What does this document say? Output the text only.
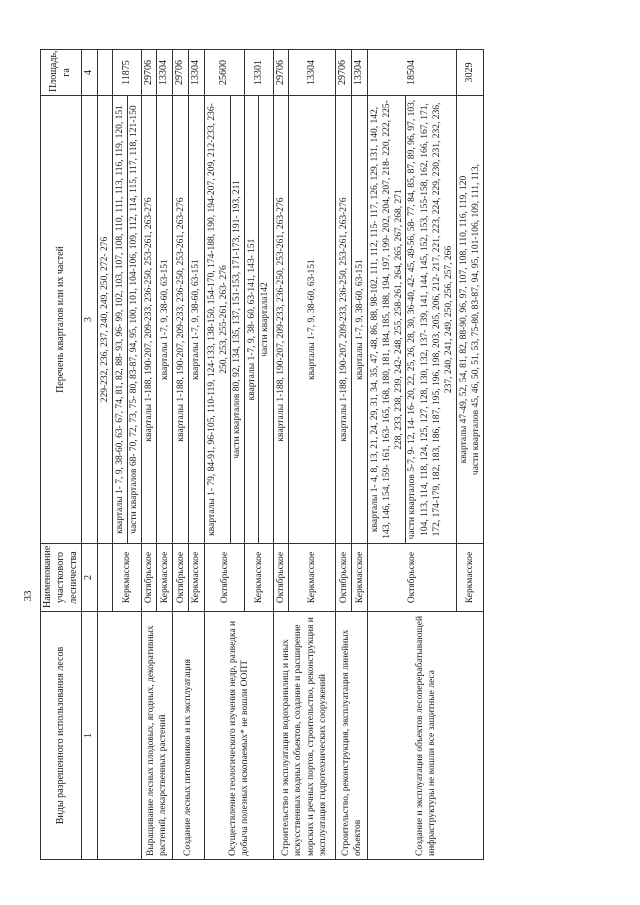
Виды разрешенного использования лесов	Наименование участкового лесничества	Перечень кварталов или их частей	Площадь, га
1	2	3	4
		229-232, 236, 237, 240, 249, 250, 272- 276	
	Кеpкмасское	кварталы 1- 7, 9, 38-60, 63- 67, 74, 81, 82, 88- 93, 96- 99, 102, 103, 107, 108, 110, 111, 113, 116, 119, 120, 151 части кварталов 68- 70, 72, 73, 75- 80, 83-87, 94, 95, 100, 101, 104-106, 109, 112, 114, 115, 117, 118, 121-150	11875
Выращивание лесных плодовых, ягодных, декоративных растений, лекарственных растений	Октябрьское	кварталы 1-188, 190-207, 209-233, 236-250, 253-261, 263-276	29706
	Кеpкмасское	кварталы 1-7, 9, 38-60, 63-151	13304
Создание лесных питомников и их эксплуатация	Октябрьское	кварталы 1-188, 190-207, 209-233, 236-250, 253-261, 263-276	29706
	Кеpкмасское	кварталы 1-7, 9, 38-60, 63-151	13304
Осуществление геологического изучения недр, разведка и добыча полезных ископаемых* не вошли ООПТ	Октябрьское	кварталы 1- 79, 84-91, 96-105, 110-119, 124-133, 138-150, 154-170, 174-188, 190, 194-207, 209, 212-233, 236-250, 253, 255-261, 263- 276 части кварталов 80, 92, 134, 135, 137, 151-153, 171-173, 191- 193, 211	25600
	Кеpкмасское	кварталы 1-7, 9, 38- 60, 63-141, 143- 151 части квартала142	13301
Строительство и эксплуатация водохранилищ и иных искусственных водных объектов, создание и расширение морских и речных портов, строительство, реконструкция и эксплуатация гидротехнических сооружений	Октябрьское	кварталы 1-188, 190-207, 209-233, 236-250, 253-261, 263-276	29706
	Кеpкмасское	кварталы 1-7, 9, 38-60, 63-151	13304
Строительство, реконструкция, эксплуатация линейных объектов	Октябрьское	кварталы 1-188, 190-207, 209-233, 236-250, 253-261, 263-276	29706
	Кеpкмасское	кварталы 1-7, 9, 38-60, 63-151	13304
Создание и эксплуатация объектов лесоперерабатывающей инфраструктуры не вошли все защитные леса	Октябрьское	кварталы 1- 4, 8, 13, 21, 24, 29, 31, 34, 35, 47, 48, 86, 88, 98-102, 111, 112, 115- 117, 126, 129, 131, 140, 142, 143, 146, 154, 159- 161, 163- 165, 168, 180, 181, 184, 185, 188, 194, 197, 199- 202, 204, 207, 218- 220, 222, 225- 228, 233, 238, 239, 242- 248, 255, 258-261, 264, 265, 267, 268, 271 части кварталов 5-7, 9- 12, 14- 16- 20, 22, 25, 26, 28, 30, 36-40, 42- 45, 49-56, 58- 77, 84, 85, 87, 89, 96, 97, 103, 104, 113, 114, 118, 124, 125, 127, 128, 130, 132, 137- 139, 141, 144, 145, 152, 153, 155-158, 162, 166, 167, 171, 172, 174-179, 182, 183, 186, 187, 195, 196, 198, 203, 205, 206, 212- 217, 221, 223, 224, 229, 230, 231, 232, 236, 237, 240, 241, 249, 250, 256, 257, 266	18504
	Кеpкмасское	кварталы 47-49, 52, 54, 81, 82, 88-90, 96, 97, 107, 108, 110, 116, 119, 120 части кварталов 45, 46, 50, 51, 53, 75-80, 83-87, 94, 95, 101-106, 109, 111, 113,	3029
33
